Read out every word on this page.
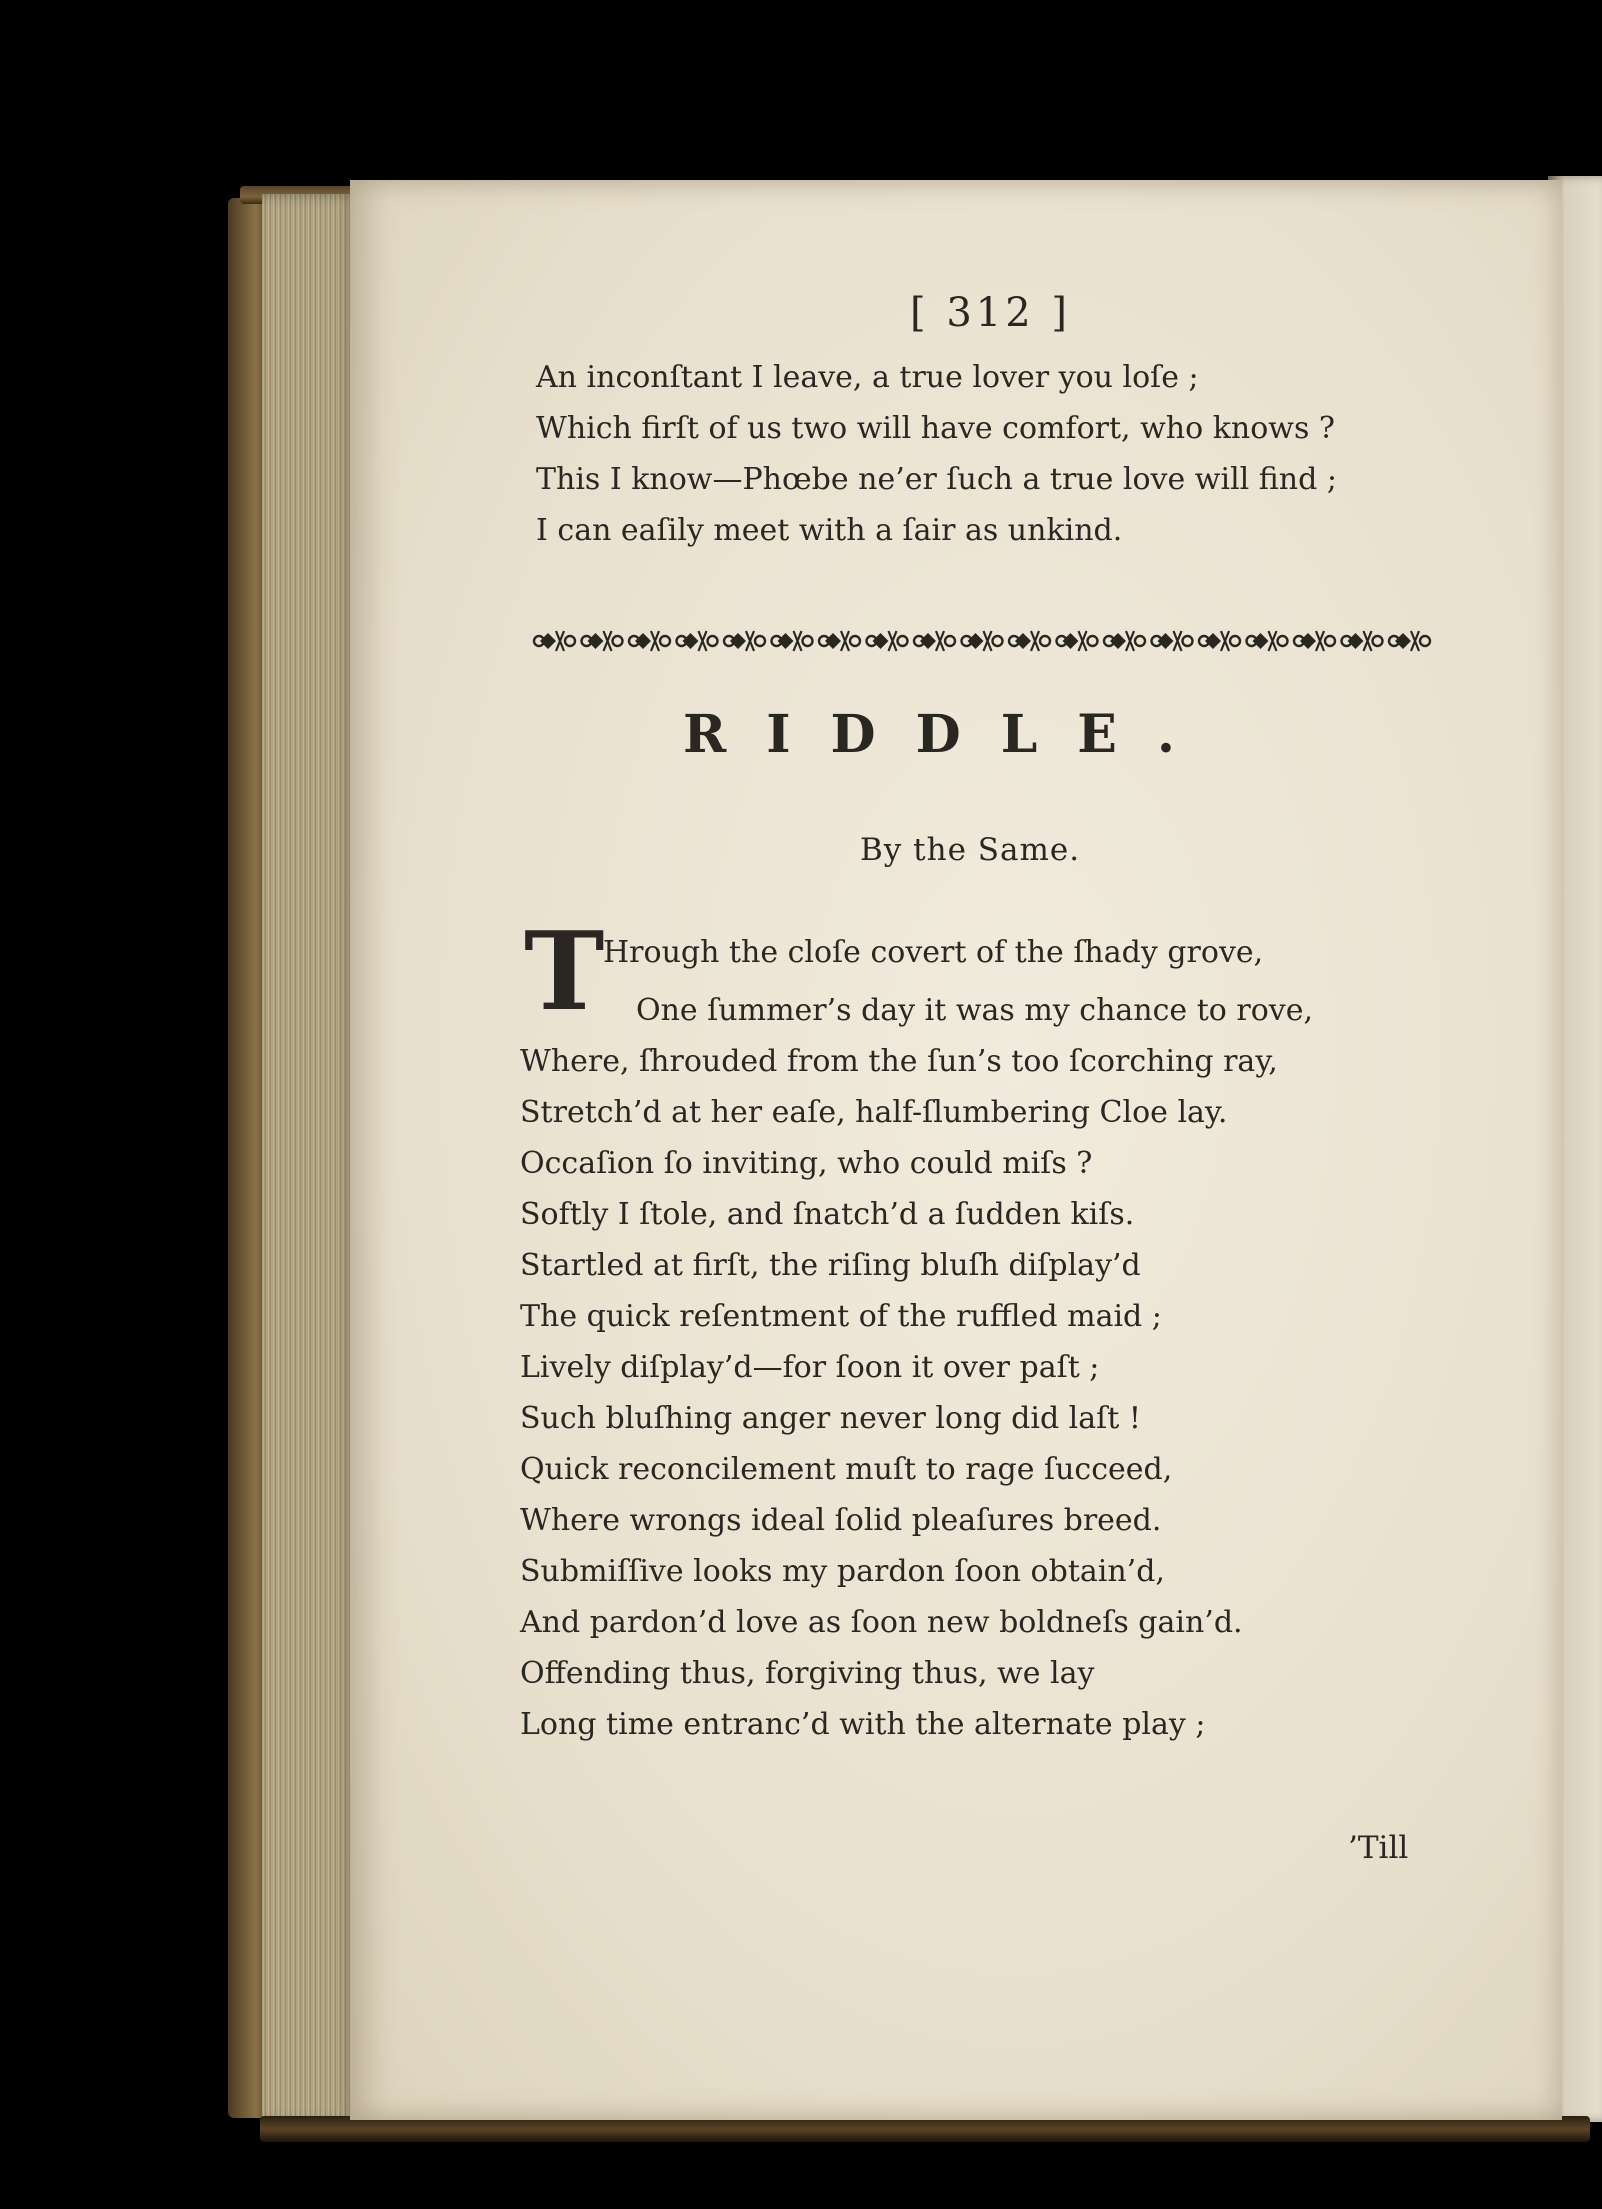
[ 312 ]
An inconſtant I leave, a true lover you loſe ;
Which firſt of us two will have comfort, who knows ?
This I know—Phœbe ne’er ſuch a true love will find ;
I can eaſily meet with a ſair as unkind.
RIDDLE.
By the Same.
T
Hrough the cloſe covert of the ſhady grove,
One ſummer’s day it was my chance to rove,
Where, ſhrouded from the ſun’s too ſcorching ray,
Stretch’d at her eaſe, half-ſlumbering Cloe lay.
Occaſion ſo inviting, who could miſs ?
Softly I ſtole, and ſnatch’d a ſudden kiſs.
Startled at firſt, the riſing bluſh diſplay’d
The quick reſentment of the ruffled maid ;
Lively diſplay’d—for ſoon it over paſt ;
Such bluſhing anger never long did laſt !
Quick reconcilement muſt to rage ſucceed,
Where wrongs ideal ſolid pleaſures breed.
Submiſſive looks my pardon ſoon obtain’d,
And pardon’d love as ſoon new boldneſs gain’d.
Offending thus, forgiving thus, we lay
Long time entranc’d with the alternate play ;
’Till
